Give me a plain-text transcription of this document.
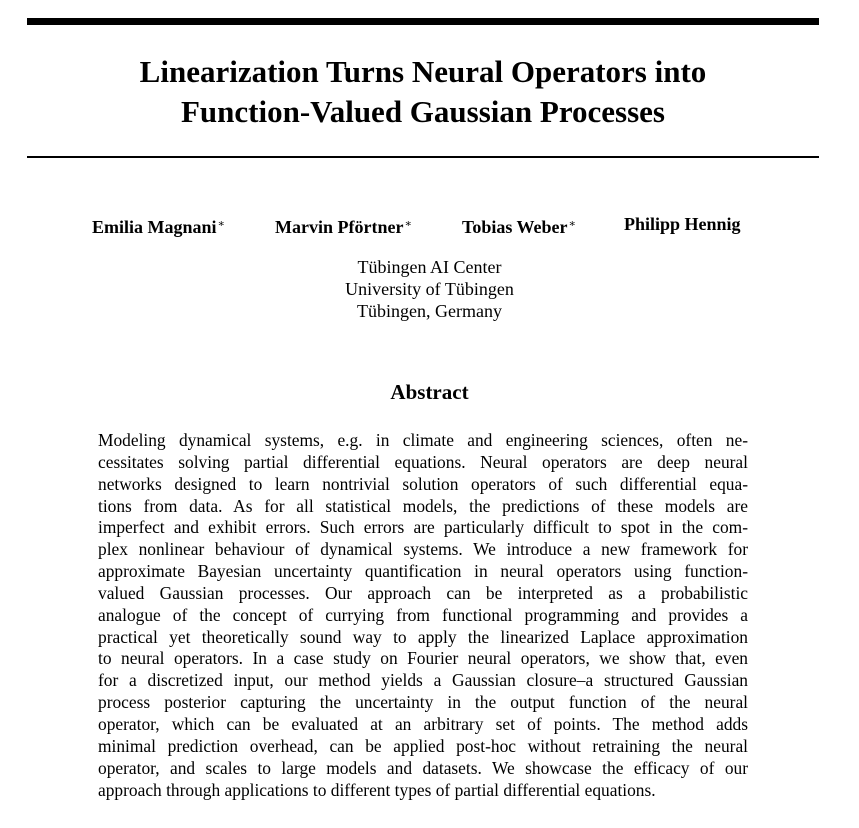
Linearization Turns Neural Operators into
Function-Valued Gaussian Processes
Emilia Magnani∗	Marvin Pförtner∗	Tobias Weber∗	Philipp Hennig
Tübingen AI Center
University of Tübingen
Tübingen, Germany
Abstract
Modeling dynamical systems, e.g. in climate and engineering sciences, often ne-
cessitates solving partial differential equations. Neural operators are deep neural
networks designed to learn nontrivial solution operators of such differential equa-
tions from data. As for all statistical models, the predictions of these models are
imperfect and exhibit errors. Such errors are particularly difficult to spot in the com-
plex nonlinear behaviour of dynamical systems. We introduce a new framework for
approximate Bayesian uncertainty quantification in neural operators using function-
valued Gaussian processes. Our approach can be interpreted as a probabilistic
analogue of the concept of currying from functional programming and provides a
practical yet theoretically sound way to apply the linearized Laplace approximation
to neural operators. In a case study on Fourier neural operators, we show that, even
for a discretized input, our method yields a Gaussian closure–a structured Gaussian
process posterior capturing the uncertainty in the output function of the neural
operator, which can be evaluated at an arbitrary set of points. The method adds
minimal prediction overhead, can be applied post-hoc without retraining the neural
operator, and scales to large models and datasets. We showcase the efficacy of our
approach through applications to different types of partial differential equations.
